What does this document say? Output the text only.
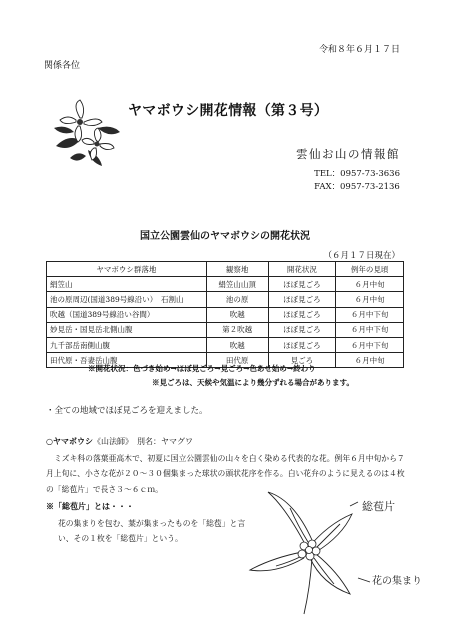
令和８年６月１７日
関係各位
ヤマボウシ開花情報（第３号）
雲仙お山の情報館
TEL：0957-73-3636
FAX：0957-73-2136
国立公園雲仙のヤマボウシの開花状況
（６月１７日現在）
ヤマボウシ群落地	観察地	開花状況	例年の見頃
絹笠山	絹笠山山頂	ほぼ見ごろ	６月中旬
池の原周辺(国道389号線沿い）　石割山	池の原	ほぼ見ごろ	６月中旬
吹越（国道389号線沿い谷間）	吹越	ほぼ見ごろ	６月中下旬
妙見岳・国見岳北側山腹	第２吹越	ほぼ見ごろ	６月中下旬
九千部岳南側山腹	吹越	ほぼ見ごろ	６月中下旬
田代原・吾妻岳山腹	田代原	見ごろ	６月中旬
※開花状況：色づき始め→ほぼ見ごろ→見ごろ→色あせ始め→終わり
※見ごろは、天候や気温により幾分ずれる場合があります。
・全ての地域でほぼ見ごろを迎えました。
○ヤマボウシ《山法師》　別名：ヤマグワ
ミズキ科の落葉亜高木で、初夏に国立公園雲仙の山々を白く染める代表的な花。例年６月中旬から７月上旬に、小さな花が２０～３０個集まった球状の頭状花序を作る。白い花弁のように見えるのは４枚の「総苞片」で長さ３～６ｃｍ。
※「総苞片」とは・・・
花の集まりを包む、葉が集まったものを「総苞」と言い、その１枚を「総苞片」という。
総苞片
花の集まり
